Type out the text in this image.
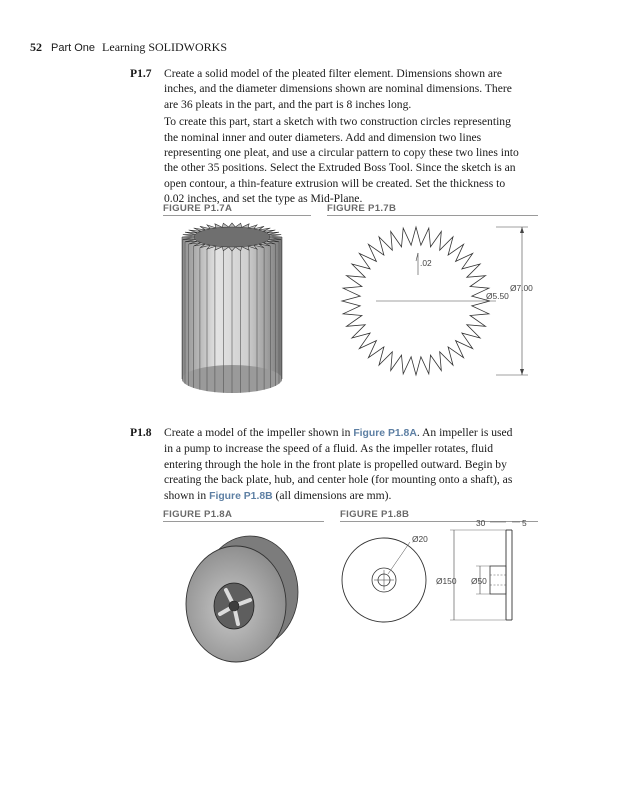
52 Part One Learning SOLIDWORKS
P1.7 Create a solid model of the pleated filter element. Dimensions shown are inches, and the diameter dimensions shown are nominal dimensions. There are 36 pleats in the part, and the part is 8 inches long.

To create this part, start a sketch with two construction circles representing the nominal inner and outer diameters. Add and dimension two lines representing one pleat, and use a circular pattern to copy these two lines into the other 35 positions. Select the Extruded Boss Tool. Since the sketch is an open contour, a thin-feature extrusion will be created. Set the thickness to 0.02 inches, and set the type as Mid-Plane.

FIGURE P1.7A	FIGURE P1.7B
.02
Ø5.50
Ø7.00
P1.8 Create a model of the impeller shown in Figure P1.8A. An impeller is used in a pump to increase the speed of a fluid. As the impeller rotates, fluid entering through the hole in the front plate is propelled outward. Begin by creating the back plate, hub, and center hole (for mounting onto a shaft), as shown in Figure P1.8B (all dimensions are mm).

FIGURE P1.8A	FIGURE P1.8B
Ø20
Ø150 Ø50
30	5
